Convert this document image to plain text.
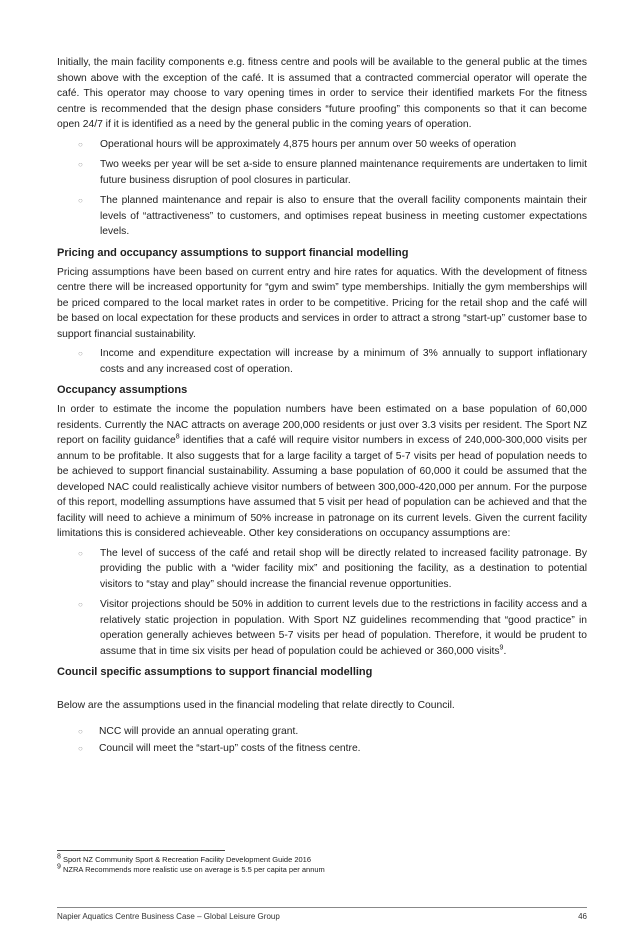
Initially, the main facility components e.g. fitness centre and pools will be available to the general public at the times shown above with the exception of the café. It is assumed that a contracted commercial operator will operate the café. This operator may choose to vary opening times in order to service their identified markets For the fitness centre is recommended that the design phase considers “future proofing” this components so that it can become open 24/7 if it is identified as a need by the general public in the coming years of operation.

○ Operational hours will be approximately 4,875 hours per annum over 50 weeks of operation
○ Two weeks per year will be set a-side to ensure planned maintenance requirements are undertaken to limit future business disruption of pool closures in particular.
○ The planned maintenance and repair is also to ensure that the overall facility components maintain their levels of “attractiveness” to customers, and optimises repeat business in meeting customer expectations levels.
Pricing and occupancy assumptions to support financial modelling

Pricing assumptions have been based on current entry and hire rates for aquatics. With the development of fitness centre there will be increased opportunity for “gym and swim” type memberships. Initially the gym memberships will be priced compared to the local market rates in order to be competitive. Pricing for the retail shop and the café will be based on local expectation for these products and services in order to attract a strong “start-up” customer base to support financial sustainability.

○ Income and expenditure expectation will increase by a minimum of 3% annually to support inflationary costs and any increased cost of operation.
Occupancy assumptions

In order to estimate the income the population numbers have been estimated on a base population of 60,000 residents. Currently the NAC attracts on average 200,000 residents or just over 3.3 visits per resident. The Sport NZ report on facility guidance$^8$ identifies that a café will require visitor numbers in excess of 240,000-300,000 visits per annum to be profitable. It also suggests that for a large facility a target of 5-7 visits per head of population needs to be achieved to support financial sustainability. Assuming a base population of 60,000 it could be assumed that the developed NAC could realistically achieve visitor numbers of between 300,000-420,000 per annum. For the purpose of this report, modelling assumptions have assumed that 5 visit per head of population can be achieved and that the facility will need to achieve a minimum of 50% increase in patronage on its current levels. Given the current facility limitations this is considered achieveable. Other key considerations on occupancy assumptions are:

○ The level of success of the café and retail shop will be directly related to increased facility patronage. By providing the public with a “wider facility mix” and positioning the facility, as a destination to potential visitors to “stay and play” should increase the financial revenue opportunities.
○ Visitor projections should be 50% in addition to current levels due to the restrictions in facility access and a relatively static projection in population. With Sport NZ guidelines recommending that “good practice” in operation generally achieves between 5-7 visits per head of population. Therefore, it would be prudent to assume that in time six visits per head of population could be achieved or 360,000 visits$^9$.
Council specific assumptions to support financial modelling

Below are the assumptions used in the financial modeling that relate directly to Council.

○ NCC will provide an annual operating grant.
○ Council will meet the “start-up” costs of the fitness centre.
$^8$ Sport NZ Community Sport & Recreation Facility Development Guide 2016
$^9$ NZRA Recommends more realistic use on average is 5.5 per capita per annum
Napier Aquatics Centre Business Case – Global Leisure Group	46
